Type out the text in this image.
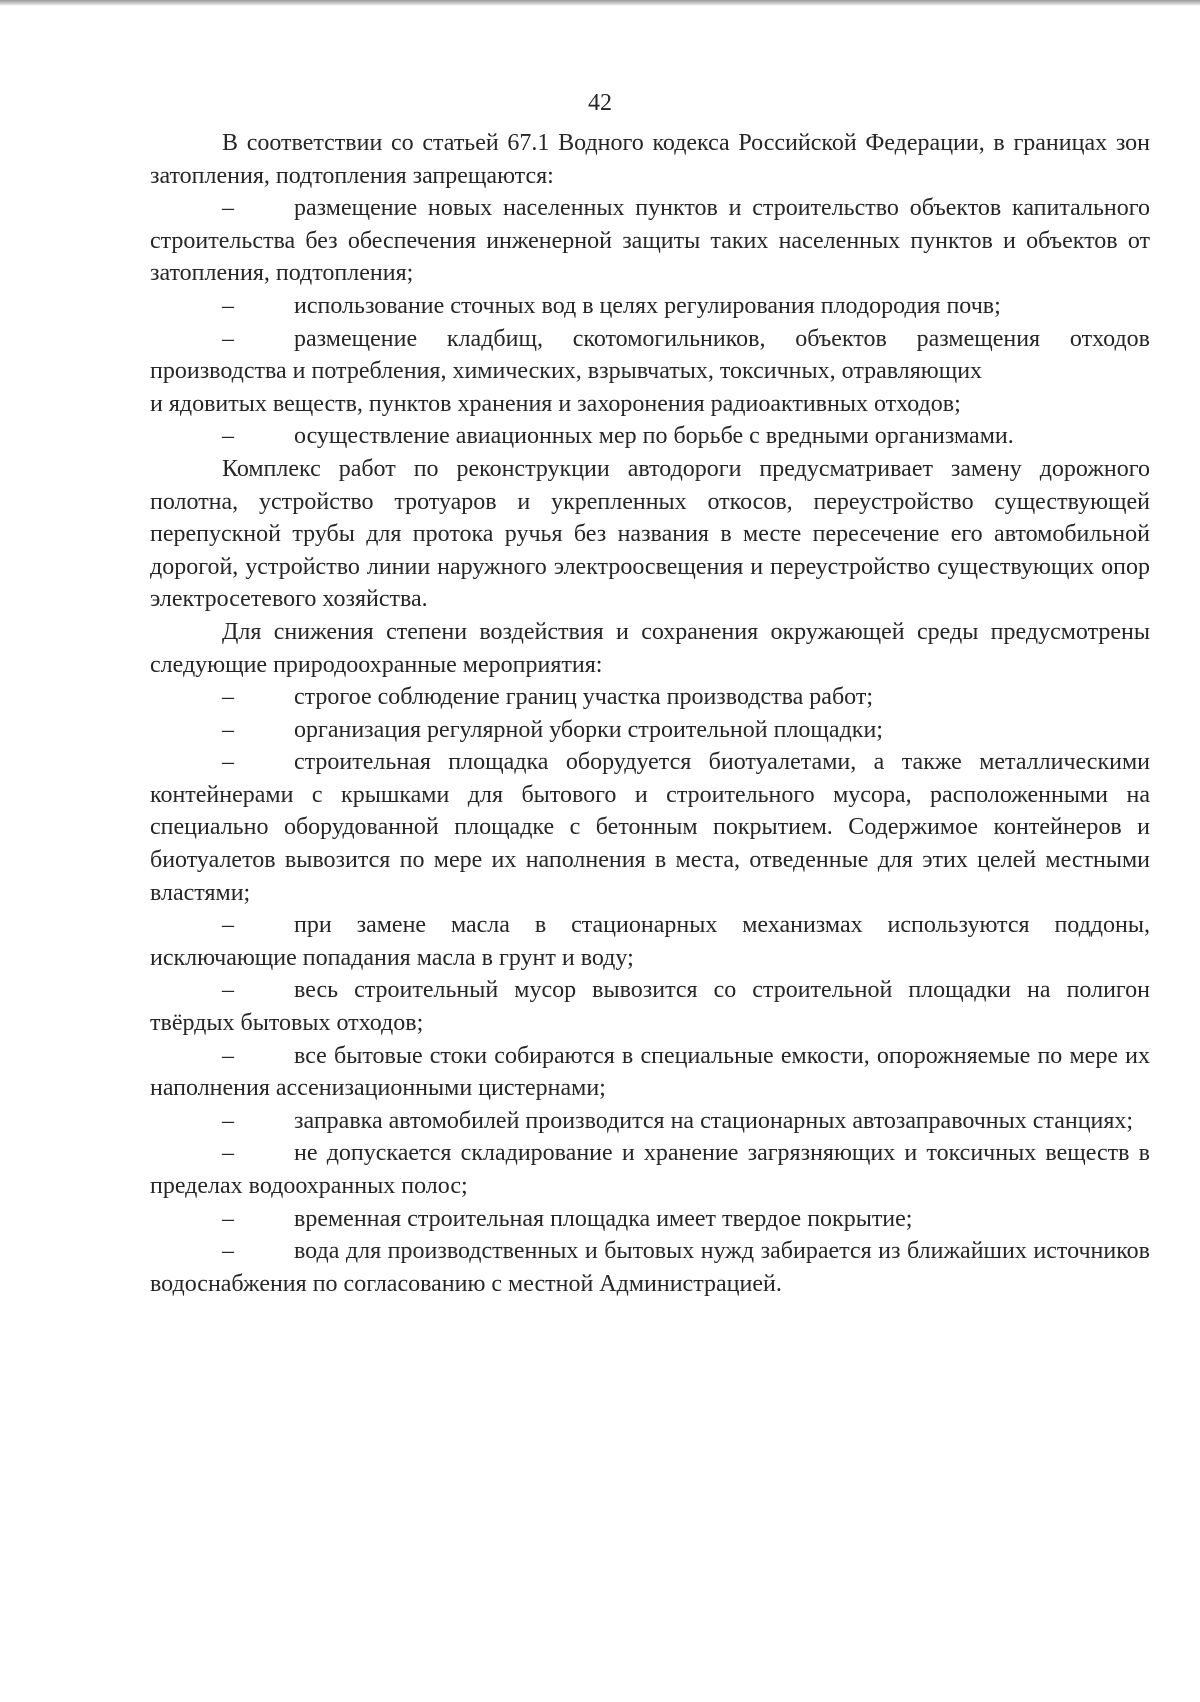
42

В соответствии со статьей 67.1 Водного кодекса Российской Федерации, в границах зон затопления, подтопления запрещаются:

–	размещение новых населенных пунктов и строительство объектов капитального строительства без обеспечения инженерной защиты таких населенных пунктов и объектов от затопления, подтопления;

–	использование сточных вод в целях регулирования плодородия почв;

–	размещение кладбищ, скотомогильников, объектов размещения отходов производства и потребления, химических, взрывчатых, токсичных, отравляющих

и ядовитых веществ, пунктов хранения и захоронения радиоактивных отходов;

–	осуществление авиационных мер по борьбе с вредными организмами.

Комплекс работ по реконструкции автодороги предусматривает замену дорожного полотна, устройство тротуаров и укрепленных откосов, переустройство существующей перепускной трубы для протока ручья без названия в месте пересечение его автомобильной дорогой, устройство линии наружного электроосвещения и переустройство существующих опор электросетевого хозяйства.

Для снижения степени воздействия и сохранения окружающей среды предусмотрены следующие природоохранные мероприятия:

–	строгое соблюдение границ участка производства работ;

–	организация регулярной уборки строительной площадки;

–	строительная площадка оборудуется биотуалетами, а также металлическими контейнерами с крышками для бытового и строительного мусора, расположенными на специально оборудованной площадке с бетонным покрытием. Содержимое контейнеров и биотуалетов вывозится по мере их наполнения в места, отведенные для этих целей местными властями;

–	при замене масла в стационарных механизмах используются поддоны, исключающие попадания масла в грунт и воду;

–	весь строительный мусор вывозится со строительной площадки на полигон твёрдых бытовых отходов;

–	все бытовые стоки собираются в специальные емкости, опорожняемые по мере их наполнения ассенизационными цистернами;

–	заправка автомобилей производится на стационарных автозаправочных станциях;

–	не допускается складирование и хранение загрязняющих и токсичных веществ в пределах водоохранных полос;

–	временная строительная площадка имеет твердое покрытие;

–	вода для производственных и бытовых нужд забирается из ближайших источников водоснабжения по согласованию с местной Администрацией.
